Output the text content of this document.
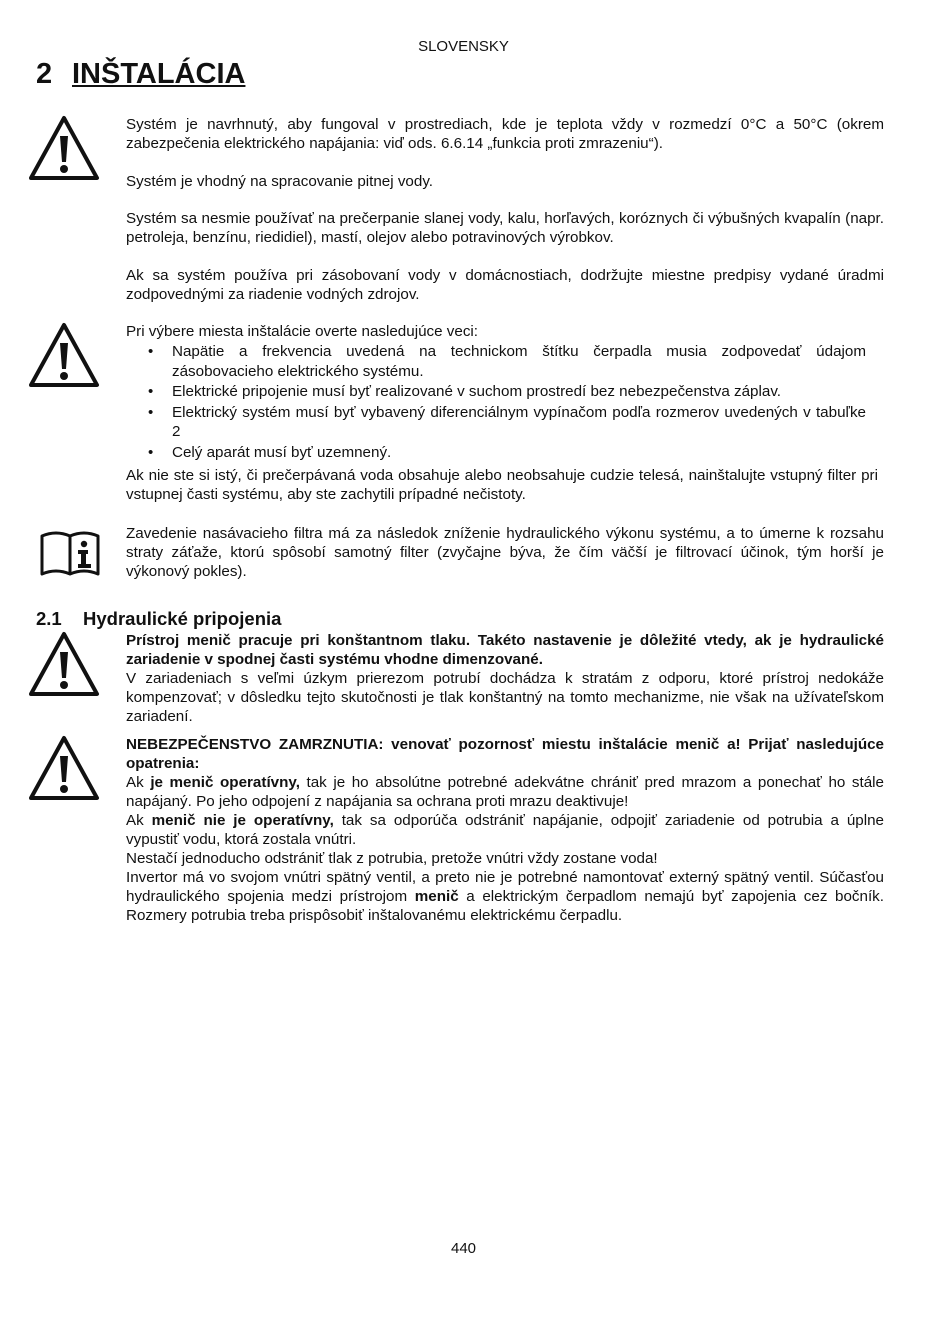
SLOVENSKY
2 INŠTALÁCIA

Systém je navrhnutý, aby fungoval v prostrediach, kde je teplota vždy v rozmedzí 0°C a 50°C (okrem zabezpečenia elektrického napájania: viď ods. 6.6.14 „funkcia proti zmrazeniu“).

Systém je vhodný na spracovanie pitnej vody.

Systém sa nesmie používať na prečerpanie slanej vody, kalu, horľavých, koróznych či výbušných kvapalín (napr. petroleja, benzínu, riedidiel), mastí, olejov alebo potravinových výrobkov.

Ak sa systém používa pri zásobovaní vody v domácnostiach, dodržujte miestne predpisy vydané úradmi zodpovednými za riadenie vodných zdrojov.

Pri výbere miesta inštalácie overte nasledujúce veci:

• Napätie a frekvencia uvedená na technickom štítku čerpadla musia zodpovedať údajom zásobovacieho elektrického systému.
• Elektrické pripojenie musí byť realizované v suchom prostredí bez nebezpečenstva záplav.
• Elektrický systém musí byť vybavený diferenciálnym vypínačom podľa rozmerov uvedených v tabuľke 2
• Celý aparát musí byť uzemnený.

Ak nie ste si istý, či prečerpávaná voda obsahuje alebo neobsahuje cudzie telesá, nainštalujte vstupný filter pri vstupnej časti systému, aby ste zachytili prípadné nečistoty.

Zavedenie nasávacieho filtra má za následok zníženie hydraulického výkonu systému, a to úmerne k rozsahu straty záťaže, ktorú spôsobí samotný filter (zvyčajne býva, že čím väčší je filtrovací účinok, tým horší je výkonový pokles).

2.1 Hydraulické pripojenia

Prístroj menič pracuje pri konštantnom tlaku. Takéto nastavenie je dôležité vtedy, ak je hydraulické zariadenie v spodnej časti systému vhodne dimenzované.

V zariadeniach s veľmi úzkym prierezom potrubí dochádza k stratám z odporu, ktoré prístroj nedokáže kompenzovať; v dôsledku tejto skutočnosti je tlak konštantný na tomto mechanizme, nie však na užívateľskom zariadení.

NEBEZPEČENSTVO ZAMRZNUTIA: venovať pozornosť miestu inštalácie menič a! Prijať nasledujúce opatrenia:
Ak je menič operatívny, tak je ho absolútne potrebné adekvátne chrániť pred mrazom a ponechať ho stále napájaný. Po jeho odpojení z napájania sa ochrana proti mrazu deaktivuje!
Ak menič nie je operatívny, tak sa odporúča odstrániť napájanie, odpojiť zariadenie od potrubia a úplne vypustiť vodu, ktorá zostala vnútri.
Nestačí jednoducho odstrániť tlak z potrubia, pretože vnútri vždy zostane voda!
Invertor má vo svojom vnútri spätný ventil, a preto nie je potrebné namontovať externý spätný ventil. Súčasťou hydraulického spojenia medzi prístrojom menič a elektrickým čerpadlom nemajú byť zapojenia cez bočník. Rozmery potrubia treba prispôsobiť inštalovanému elektrickému čerpadlu.
440
